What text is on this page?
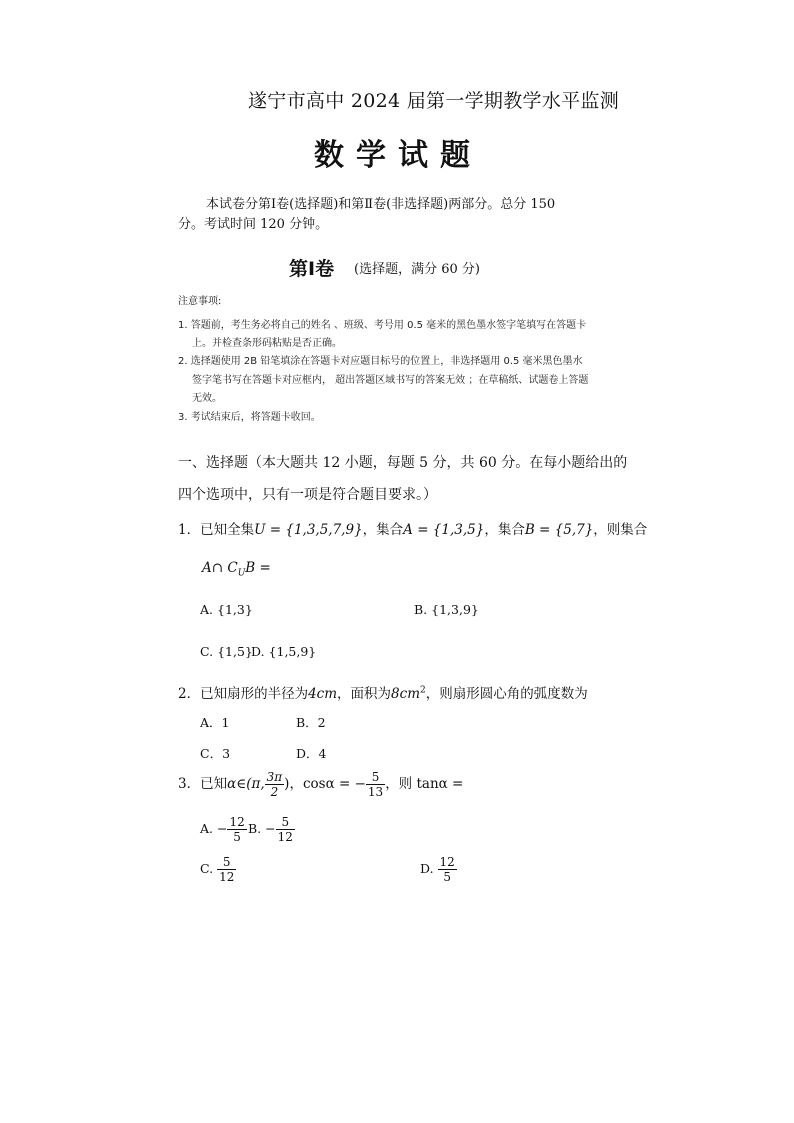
遂宁市高中 2024 届第一学期教学水平监测
数学试题
本试卷分第Ⅰ卷(选择题)和第Ⅱ卷(非选择题)两部分。总分 150
分。考试时间 120 分钟。
第Ⅰ卷 (选择题，满分 60 分)
注意事项:
1. 答题前，考生务必将自己的姓名 、班级、考号用 0.5 毫米的黑色墨水签字笔填写在答题卡
上。并检查条形码粘贴是否正确。
2. 选择题使用 2B 铅笔填涂在答题卡对应题目标号的位置上，非选择题用 0.5 毫米黑色墨水
签字笔书写在答题卡对应框内， 超出答题区域书写的答案无效 ；在草稿纸、试题卷上答题
无效。
3. 考试结束后，将答题卡收回。
一、选择题（本大题共 12 小题，每题 5 分，共 60 分。在每小题给出的
四个选项中，只有一项是符合题目要求。）
1．已知全集U = {1,3,5,7,9}，集合A = {1,3,5}，集合B = {5,7}，则集合
A∩ $C_UB$ =
A. {1,3}	B. {1,3,9}
C. {1,5}
D. {1,5,9}
2．已知扇形的半径为4cm，面积为$8cm^2$，则扇形圆心角的弧度数为
A．1	B．2
C．3	D．4
3．已知α∈(π, $\frac{3\pi}{2}$ )，cosα = − $\frac{5}{13}$ ，则 tanα =
A. − $\frac{12}{5} B$. − $\frac{5}{12}$
C. $\frac{5}{12}$	D. $\frac{12}{5}$
